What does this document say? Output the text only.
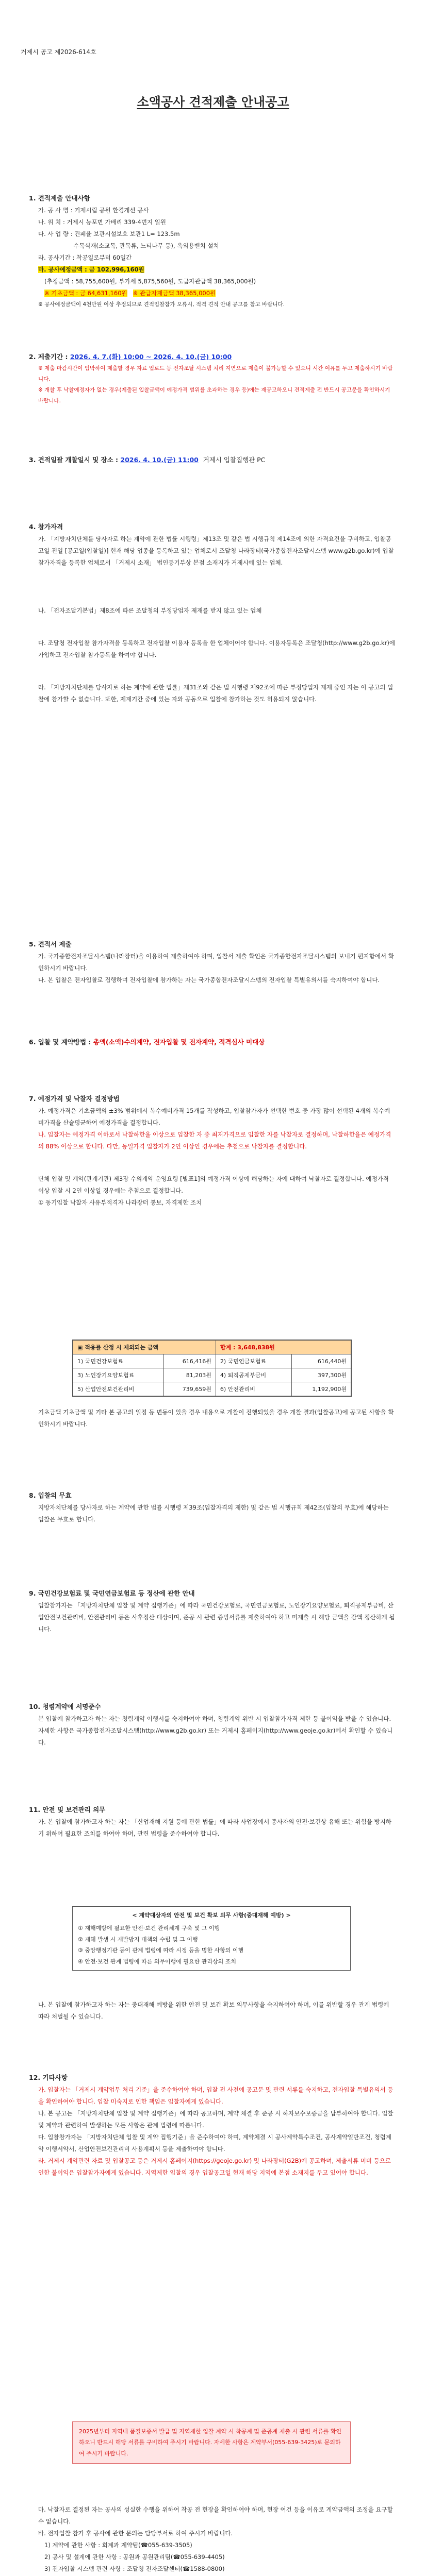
거제시 공고 제2026-614호
소액공사 견적제출 안내공고
1. 견적제출 안내사항

가. 공 사 명 : 거제시립 공원 환경개선 공사

나. 위 치 : 거제시 능포면 가배리 339-4번지 일원

다. 사 업 량 : 건폐율 보관시설보호 보관1 L= 123.5m

수목식재(소교목, 관목류, 느티나무 등), 옥외용벤치 설치

라. 공사기간 : 착공일로부터 60일간

마. 공사예정금액 : 금 102,996,160원

(추정금액 : 58,755,600원, 부가세 5,875,560원, 도급자관급액 38,365,000원)

※ 기초금액 : 금 64,631,160원 ※ 관급자재금액 38,365,000원

※ 공사예정금액이 4천만원 이상 추정되므로 견적입찰참가 오류시, 적격 견적 안내 공고를 참고 바랍니다.

2. 제출기간 : 2026. 4. 7.(화) 10:00 ~ 2026. 4. 10.(금) 10:00

※ 제출 마감시간이 임박하여 제출할 경우 자료 업로드 등 전자조달 시스템 처리 지연으로 제출이 불가능할 수 있으니 시간 여유를 두고 제출하시기 바랍니다.

※ 개찰 후 낙찰예정자가 없는 경우(제출된 입찰금액이 예정가격 범위를 초과하는 경우 등)에는 재공고하오니 견적제출 전 반드시 공고문을 확인하시기 바랍니다.

3. 견적일괄 개찰일시 및 장소 : 2026. 4. 10.(금) 11:00 거제시 입찰집행관 PC
4. 참가자격

가. 「지방자치단체를 당사자로 하는 계약에 관한 법률 시행령」제13조 및 같은 법 시행규칙 제14조에 의한 자격요건을 구비하고, 입찰공고일 전일 [공고일(입찰일)] 현재 해당 업종을 등록하고 있는 업체로서 조달청 나라장터(국가종합전자조달시스템 www.g2b.go.kr)에 입찰참가자격을 등록한 업체로서 「거제시 소재」 법인등기부상 본점 소재지가 거제시에 있는 업체.

나. 「전자조달기본법」제8조에 따른 조달청의 부정당업자 제재를 받지 않고 있는 업체

다. 조달청 전자입찰 참가자격을 등록하고 전자입찰 이용자 등록을 한 업체이어야 합니다. 이용자등록은 조달청(http://www.g2b.go.kr)에 가입하고 전자입찰 참가등록을 하여야 합니다.

라. 「지방자치단체를 당사자로 하는 계약에 관한 법률」제31조와 같은 법 시행령 제92조에 따른 부정당업자 제재 중인 자는 이 공고의 입찰에 참가할 수 없습니다. 또한, 제재기간 중에 있는 자와 공동으로 입찰에 참가하는 것도 허용되지 않습니다.

5. 견적서 제출

가. 국가종합전자조달시스템(나라장터)을 이용하여 제출하여야 하며, 입찰서 제출 확인은 국가종합전자조달시스템의 보내기 편지함에서 확인하시기 바랍니다.

나. 본 입찰은 전자입찰로 집행하며 전자입찰에 참가하는 자는 국가종합전자조달시스템의 전자입찰 특별유의서를 숙지하여야 합니다.

6. 입찰 및 계약방법 : 총액(소액)수의계약, 전자입찰 및 전자계약, 적격심사 미대상
7. 예정가격 및 낙찰자 결정방법

가. 예정가격은 기초금액의 ±3% 범위에서 복수예비가격 15개를 작성하고, 입찰참가자가 선택한 번호 중 가장 많이 선택된 4개의 복수예비가격을 산술평균하여 예정가격을 결정합니다.

나. 입찰자는 예정가격 이하로서 낙찰하한율 이상으로 입찰한 자 중 최저가격으로 입찰한 자를 낙찰자로 결정하며, 낙찰하한율은 예정가격의 88% 이상으로 합니다. 다만, 동일가격 입찰자가 2인 이상인 경우에는 추첨으로 낙찰자를 결정합니다.

단체 입찰 및 계약(관계기관) 제3장 수의계약 운영요령 [별표1]의 예정가격 이상에 해당하는 자에 대하여 낙찰자로 결정합니다. 예정가격 이상 입찰 시 2인 이상일 경우에는 추첨으로 결정합니다.

① 동기입찰 낙찰자 사유부적격자 나라장터 통보, 자격제한 조치

▣ 적용률 산정 시 제외되는 금액		합계 : 3,648,838원	
1) 국민건강보험료	616,416원	2) 국민연금보험료	616,440원
3) 노인장기요양보험료	81,203원	4) 퇴직공제부금비	397,300원
5) 산업안전보건관리비	739,659원	6) 안전관리비	1,192,900원

기초금액 기초금액 및 기타 본 공고의 일정 등 변동이 있을 경우 내용으로 개찰이 진행되었을 경우 개찰 결과(입찰공고)에 공고된 사항을 확인하시기 바랍니다.

8. 입찰의 무효

지방자치단체를 당사자로 하는 계약에 관한 법률 시행령 제39조(입찰자격의 제한) 및 같은 법 시행규칙 제42조(입찰의 무효)에 해당하는 입찰은 무효로 합니다.

9. 국민건강보험료 및 국민연금보험료 등 정산에 관한 안내

입찰참가자는 「지방자치단체 입찰 및 계약 집행기준」에 따라 국민건강보험료, 국민연금보험료, 노인장기요양보험료, 퇴직공제부금비, 산업안전보건관리비, 안전관리비 등은 사후정산 대상이며, 준공 시 관련 증빙서류를 제출하여야 하고 미제출 시 해당 금액을 감액 정산하게 됩니다.

10. 청렴계약에 서명준수

본 입찰에 참가하고자 하는 자는 청렴계약 이행서를 숙지하여야 하며, 청렴계약 위반 시 입찰참가자격 제한 등 불이익을 받을 수 있습니다. 자세한 사항은 국가종합전자조달시스템(http://www.g2b.go.kr) 또는 거제시 홈페이지(http://www.geoje.go.kr)에서 확인할 수 있습니다.

11. 안전 및 보건관리 의무

가. 본 입찰에 참가하고자 하는 자는 「산업재해 지원 등에 관한 법률」에 따라 사업장에서 종사자의 안전·보건상 유해 또는 위험을 방지하기 위하여 필요한 조치를 하여야 하며, 관련 법령을 준수하여야 합니다.

< 계약대상자의 안전 및 보건 확보 의무 사항(중대재해 예방) >
① 재해예방에 필요한 안전·보건 관리체계 구축 및 그 이행
② 재해 발생 시 재발방지 대책의 수립 및 그 이행
③ 중앙행정기관 등이 관계 법령에 따라 시정 등을 명한 사항의 이행
④ 안전·보건 관계 법령에 따른 의무이행에 필요한 관리상의 조치

나. 본 입찰에 참가하고자 하는 자는 중대재해 예방을 위한 안전 및 보건 확보 의무사항을 숙지하여야 하며, 이를 위반할 경우 관계 법령에 따라 처벌될 수 있습니다.

12. 기타사항

가. 입찰자는 「거제시 계약업무 처리 기준」을 준수하여야 하며, 입찰 전 사전에 공고문 및 관련 서류를 숙지하고, 전자입찰 특별유의서 등을 확인하여야 합니다. 입찰 미숙지로 인한 책임은 입찰자에게 있습니다.

나. 본 공고는 「지방자치단체 입찰 및 계약 집행기준」에 따라 공고하며, 계약 체결 후 준공 시 하자보수보증금을 납부하여야 합니다. 입찰 및 계약과 관련하여 발생하는 모든 사항은 관계 법령에 따릅니다.

다. 입찰참가자는 「지방자치단체 입찰 및 계약 집행기준」을 준수하여야 하며, 계약체결 시 공사계약특수조건, 공사계약일반조건, 청렴계약 이행서약서, 산업안전보건관리비 사용계획서 등을 제출하여야 합니다.

라. 거제시 계약관련 자료 및 입찰공고 등은 거제시 홈페이지(https://geoje.go.kr) 및 나라장터(G2B)에 공고하며, 제출서류 미비 등으로 인한 불이익은 입찰참가자에게 있습니다. 지역제한 입찰의 경우 입찰공고일 현재 해당 지역에 본점 소재지를 두고 있어야 합니다.

2025년부터 지역내 품질보증서 발급 및 지역제한 입찰 계약 시 착공계 및 준공계 제출 시 관련 서류를 확인하오니 반드시 해당 서류를 구비하여 주시기 바랍니다. 자세한 사항은 계약부서(055-639-3425)로 문의하여 주시기 바랍니다.

마. 낙찰자로 결정된 자는 공사의 성실한 수행을 위하여 착공 전 현장을 확인하여야 하며, 현장 여건 등을 이유로 계약금액의 조정을 요구할 수 없습니다.

바. 전자입찰 참가 후 공사에 관한 문의는 담당부서로 하여 주시기 바랍니다.

1) 계약에 관한 사항 : 회계과 계약팀(☎055-639-3505)

2) 공사 및 설계에 관한 사항 : 공원과 공원관리팀(☎055-639-4405)

3) 전자입찰 시스템 관련 사항 : 조달청 전자조달센터(☎1588-0800)
